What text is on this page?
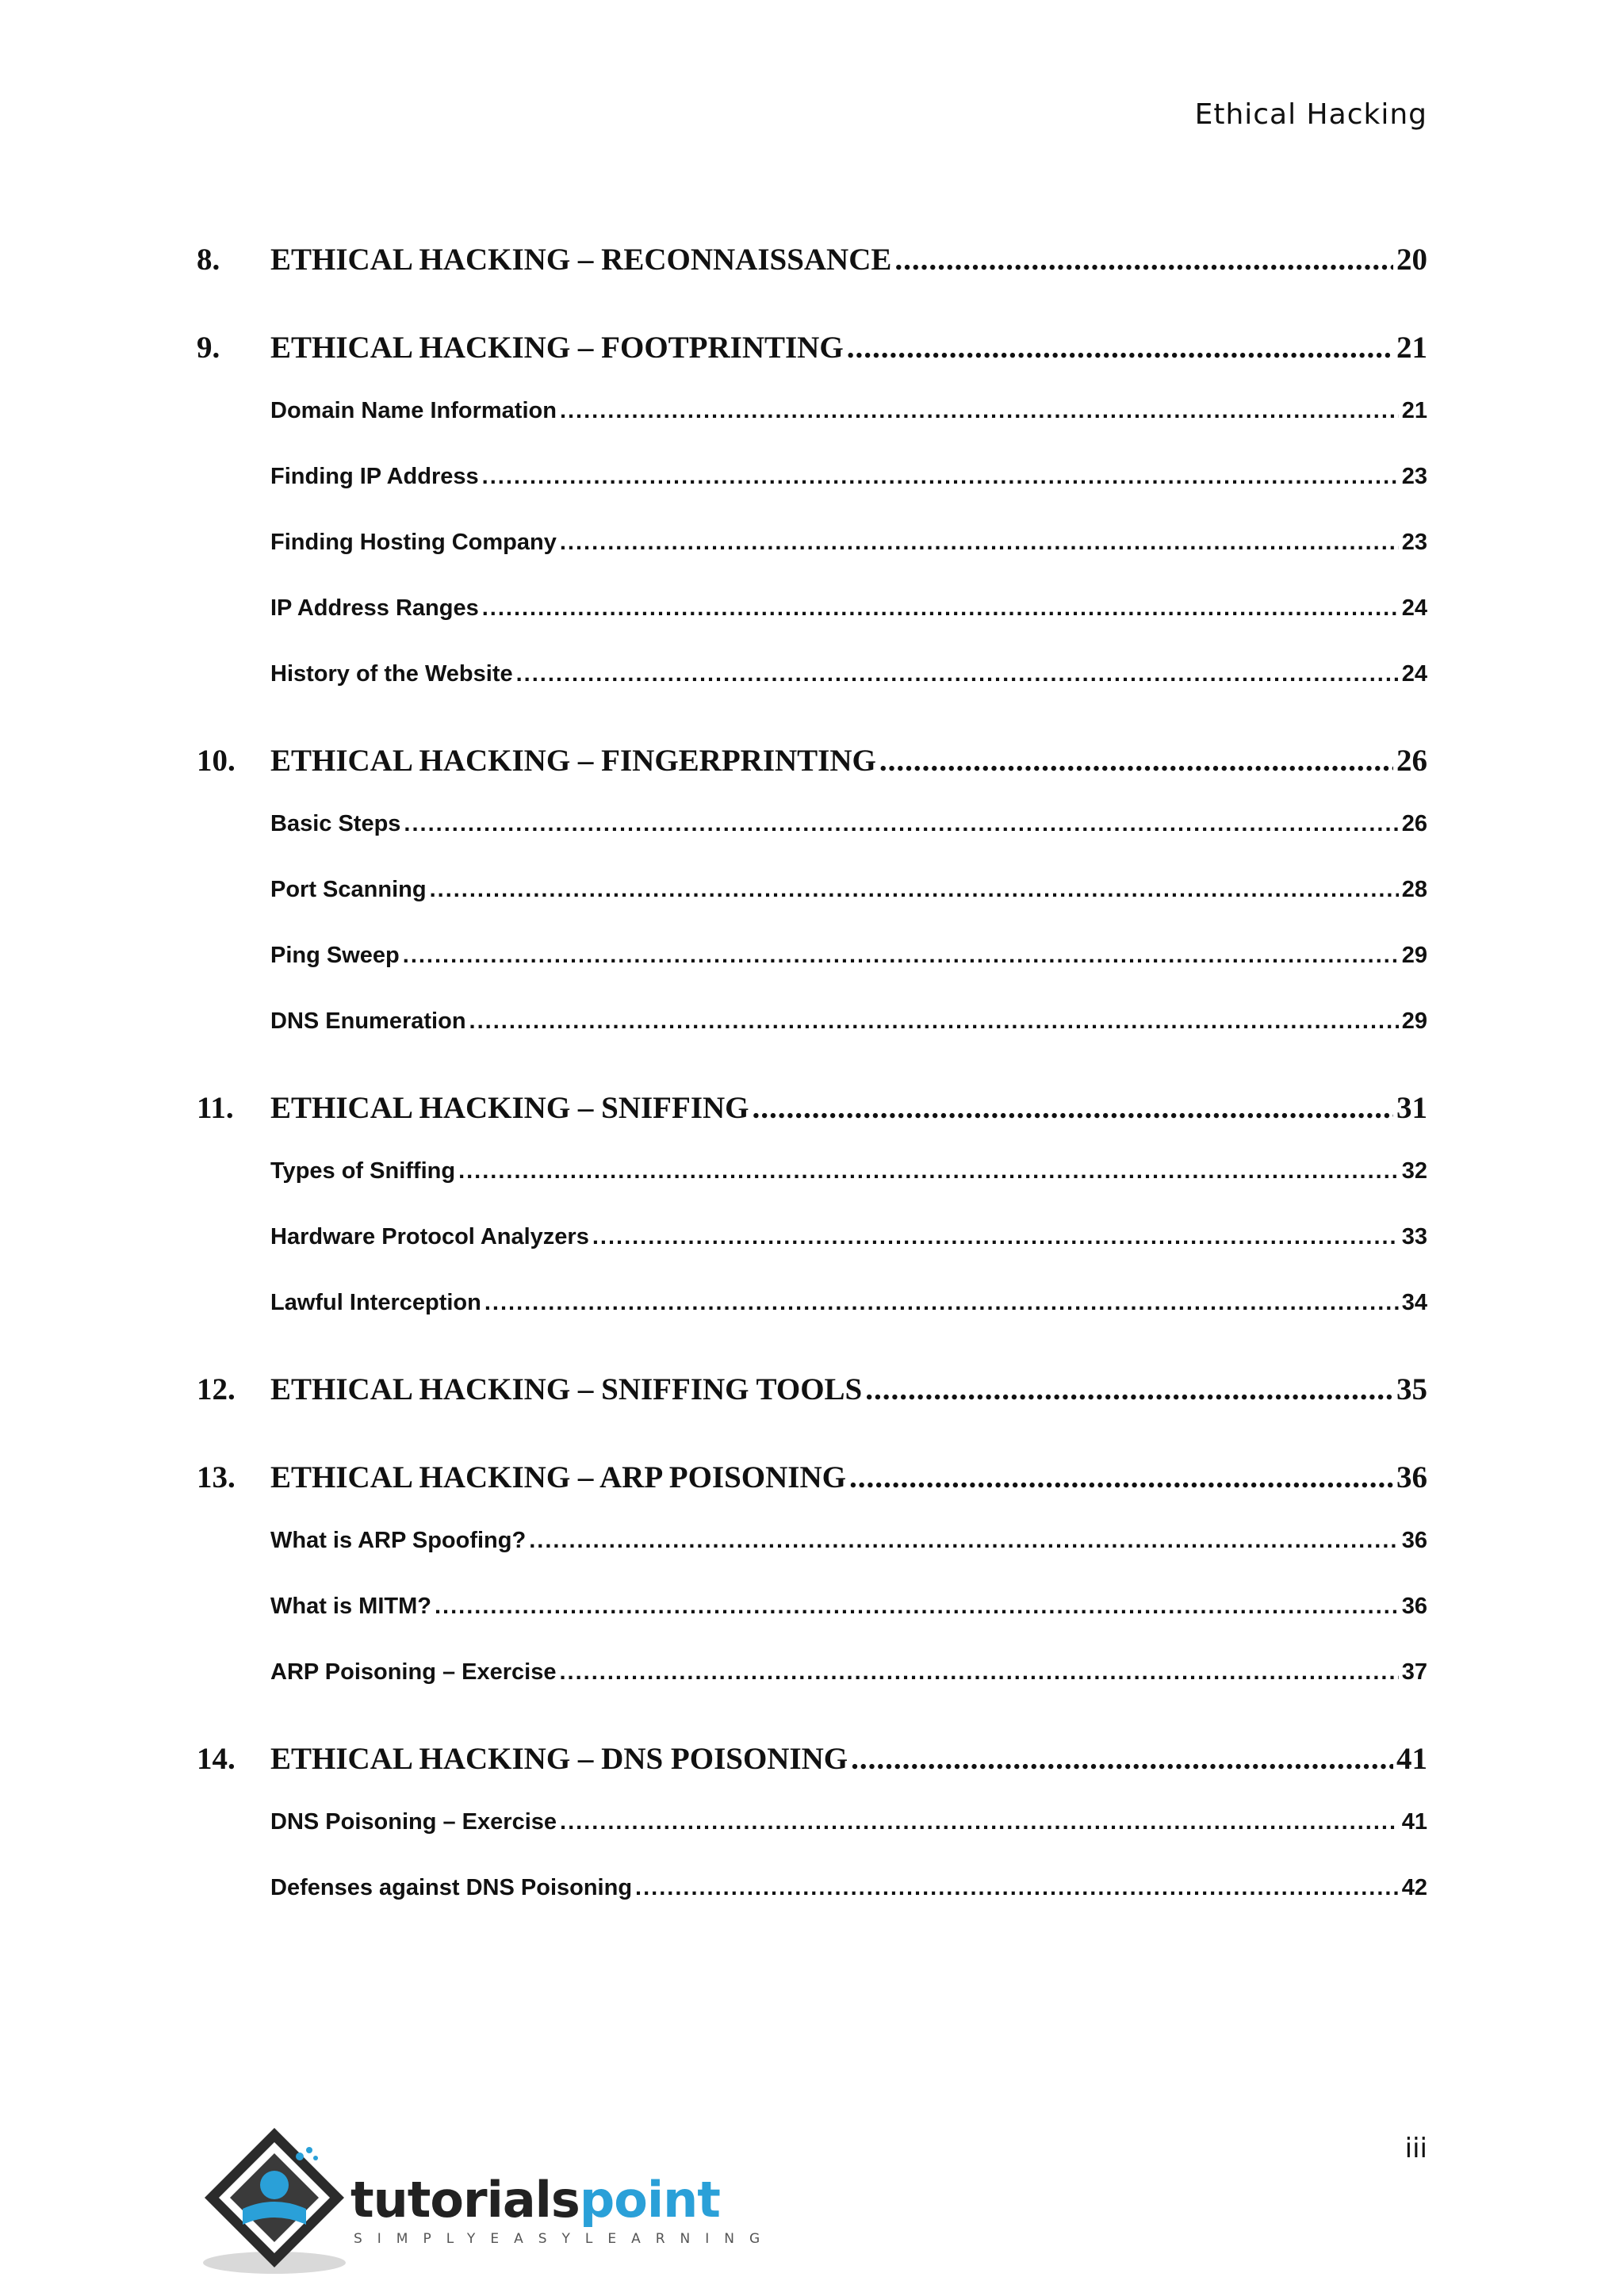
Ethical Hacking
8.	ETHICAL HACKING – RECONNAISSANCE .....	20
9.	ETHICAL HACKING – FOOTPRINTING .....	21
Domain Name Information .....	21
Finding IP Address .....	23
Finding Hosting Company .....	23
IP Address Ranges .....	24
History of the Website .....	24
10.	ETHICAL HACKING – FINGERPRINTING .....	26
Basic Steps .....	26
Port Scanning .....	28
Ping Sweep .....	29
DNS Enumeration .....	29
11.	ETHICAL HACKING – SNIFFING .....	31
Types of Sniffing .....	32
Hardware Protocol Analyzers .....	33
Lawful Interception .....	34
12.	ETHICAL HACKING – SNIFFING TOOLS .....	35
13.	ETHICAL HACKING – ARP POISONING .....	36
What is ARP Spoofing? .....	36
What is MITM? .....	36
ARP Poisoning – Exercise .....	37
14.	ETHICAL HACKING – DNS POISONING .....	41
DNS Poisoning – Exercise .....	41
Defenses against DNS Poisoning .....	42
iii
tutorialspoint
SIMPLYEASYLEARNING
